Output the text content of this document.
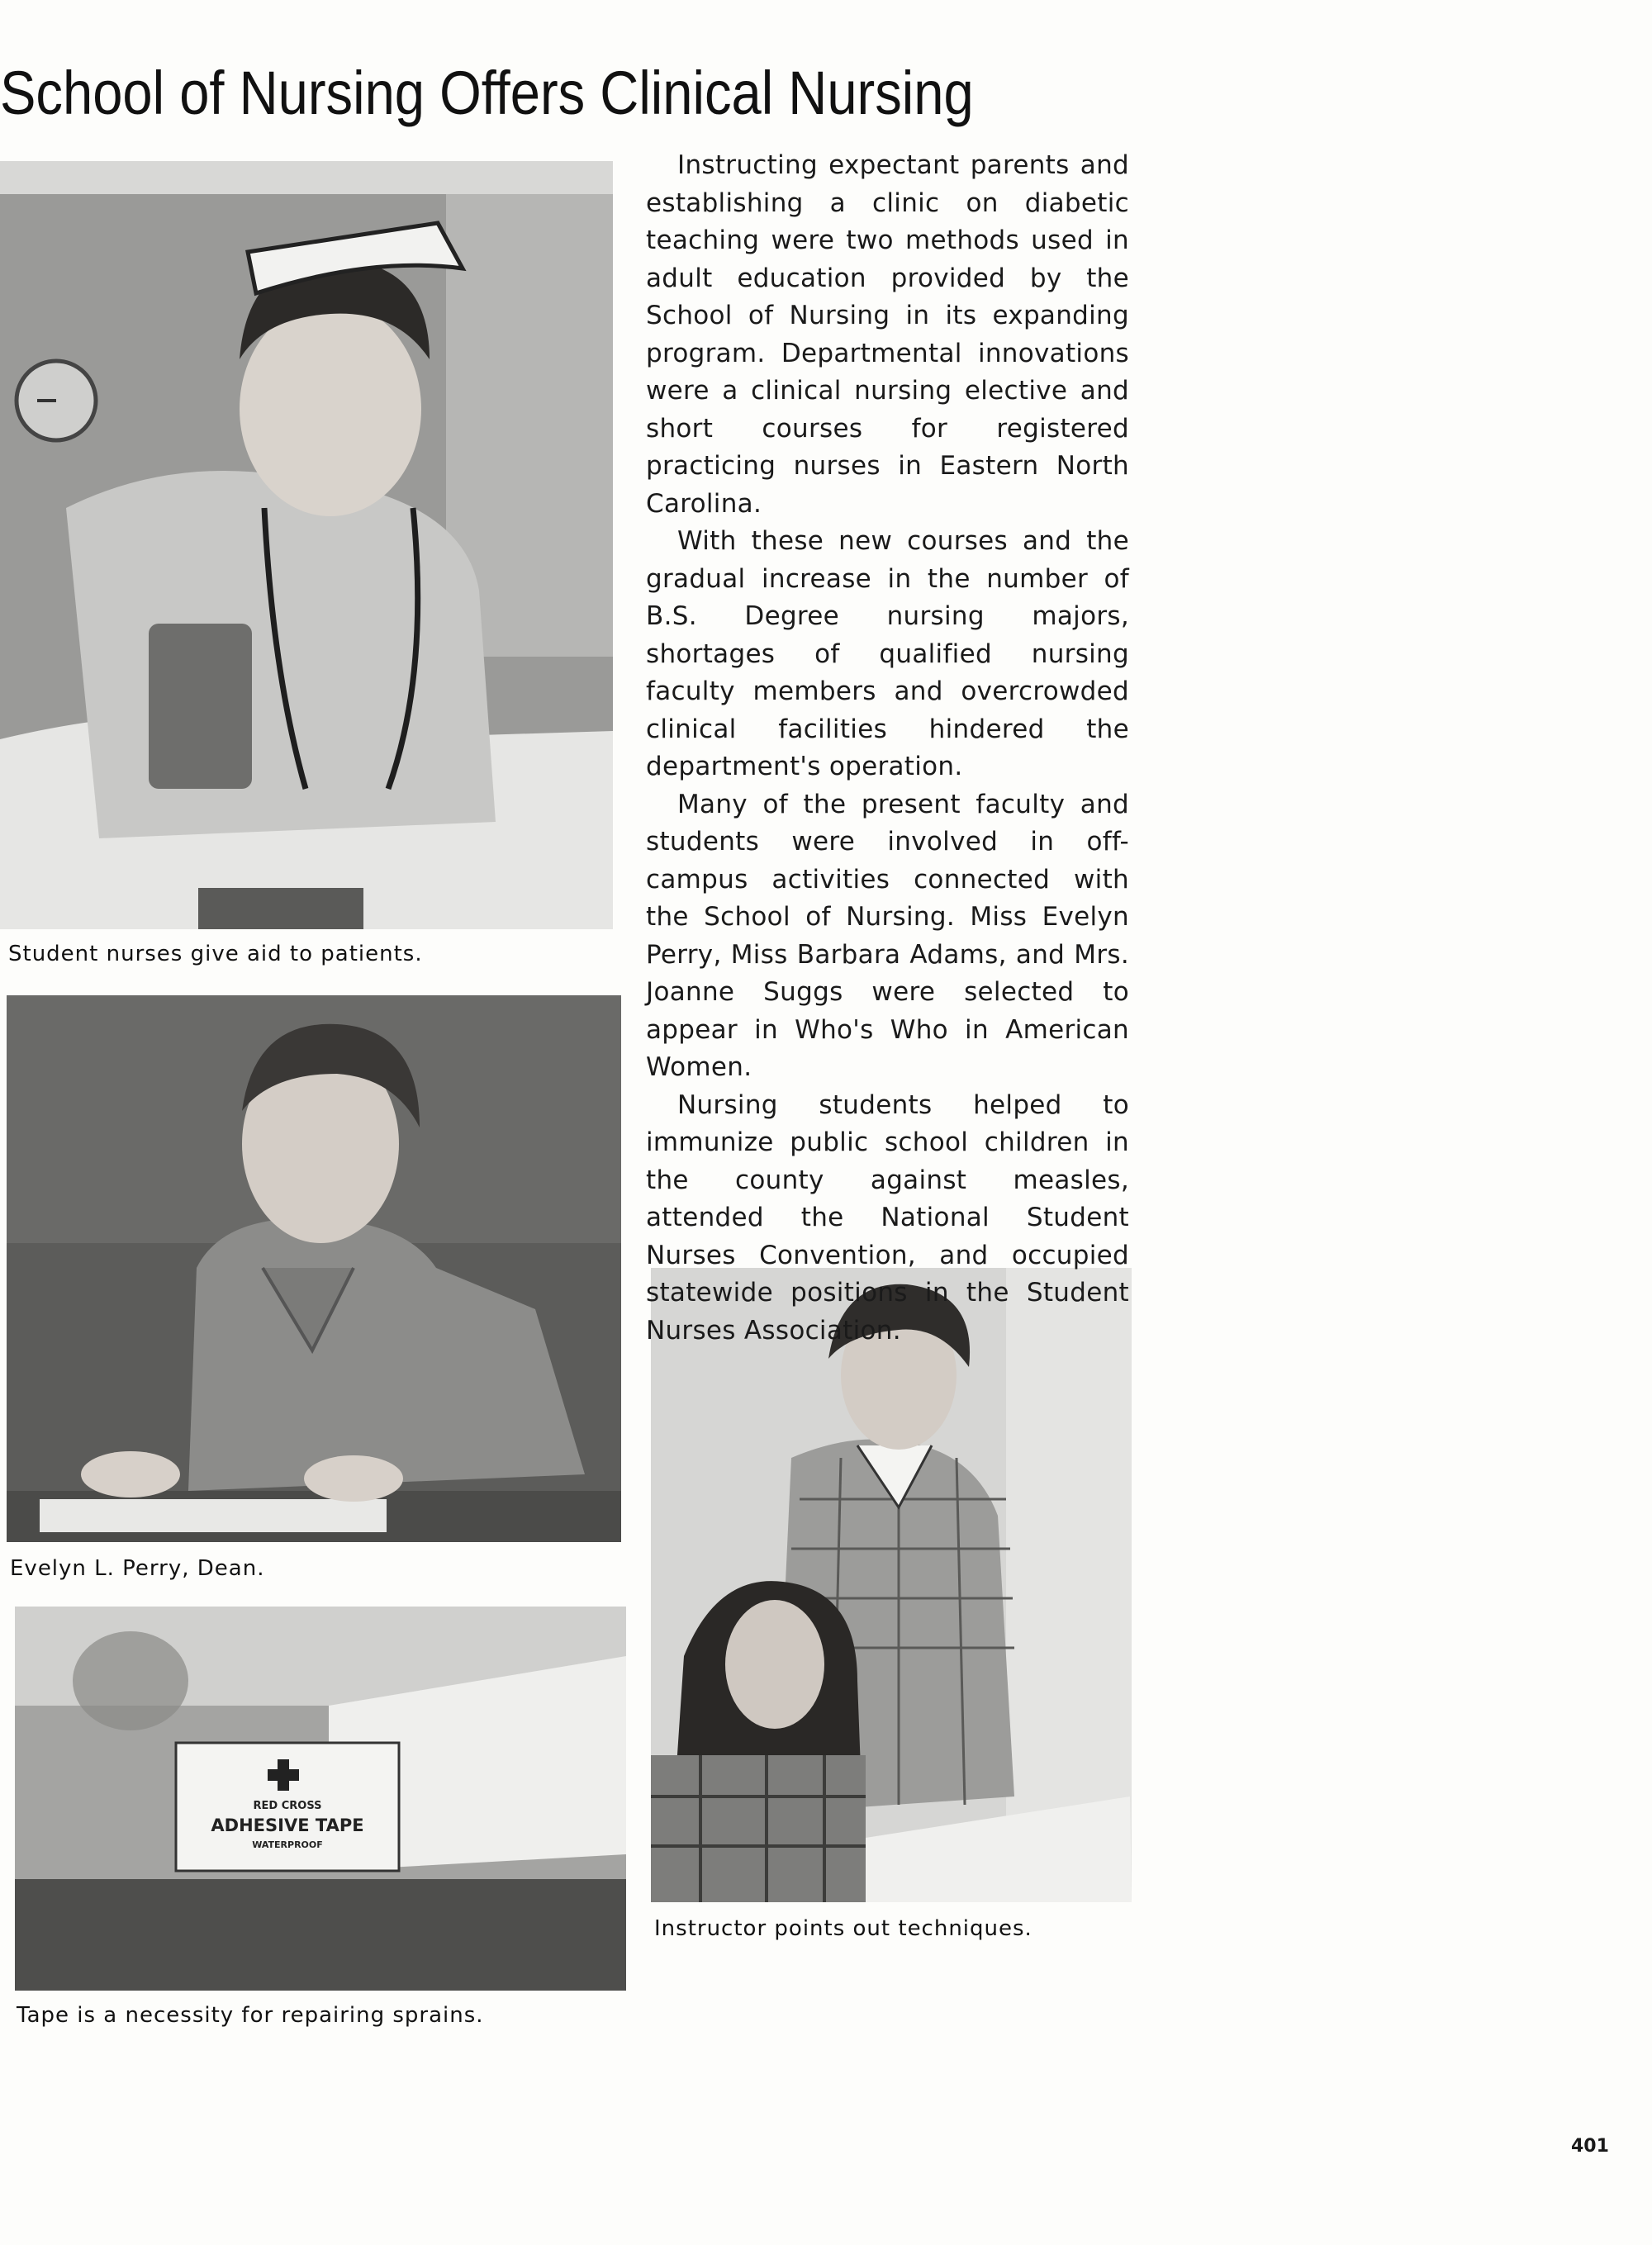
School of Nursing Offers Clinical Nursing

Student nurses give aid to patients.

Evelyn L. Perry, Dean.

RED CROSS
ADHESIVE TAPE
WATERPROOF

Tape is a necessity for repairing sprains.

Instructor points out techniques.

Instructing expectant parents and establishing a clinic on diabetic teaching were two methods used in adult education provided by the School of Nursing in its expanding program. Departmental innovations were a clinical nursing elective and short courses for registered practicing nurses in Eastern North Carolina.

With these new courses and the gradual increase in the number of B.S. Degree nursing majors, shortages of qualified nursing faculty members and overcrowded clinical facilities hindered the department's operation.

Many of the present faculty and students were involved in off-campus activities connected with the School of Nursing. Miss Evelyn Perry, Miss Barbara Adams, and Mrs. Joanne Suggs were selected to appear in Who's Who in American Women.

Nursing students helped to immunize public school children in the county against measles, attended the National Student Nurses Convention, and occupied statewide positions in the Student Nurses Association.

401
